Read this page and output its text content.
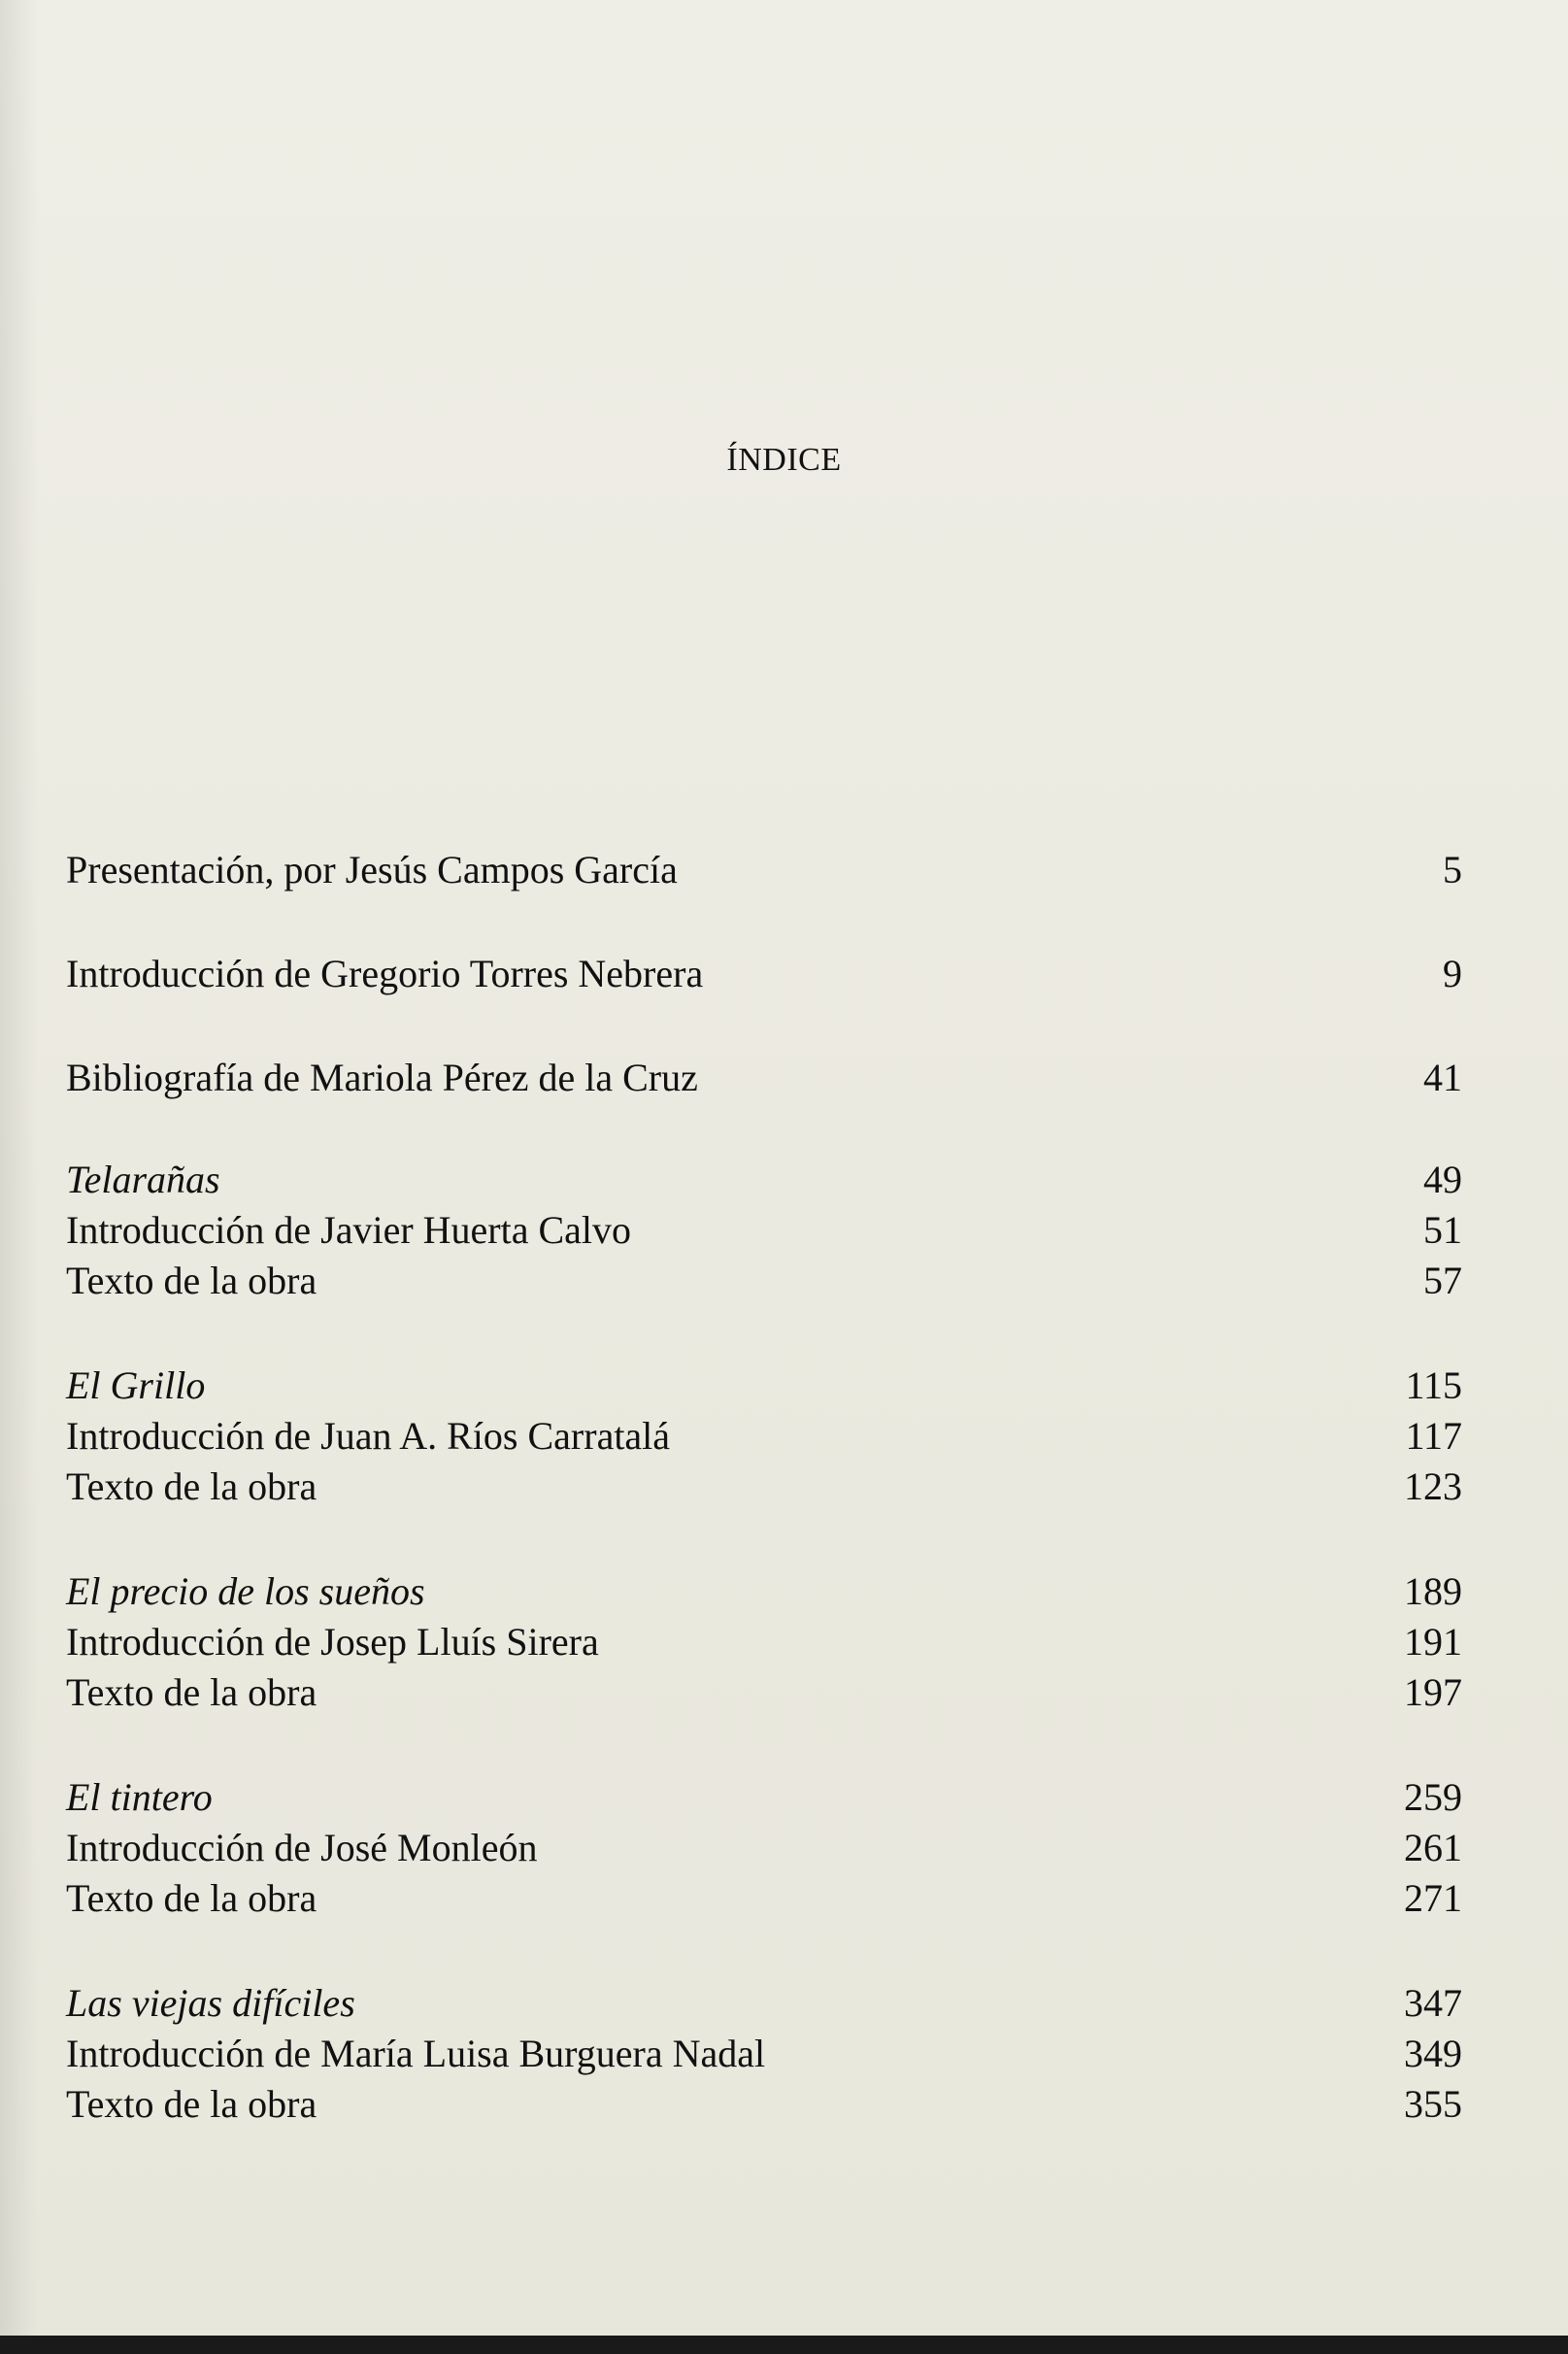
ÍNDICE
Presentación, por Jesús Campos García	5
Introducción de Gregorio Torres Nebrera	9
Bibliografía de Mariola Pérez de la Cruz	41
Telarañas	49
Introducción de Javier Huerta Calvo	51
Texto de la obra	57
El Grillo	115
Introducción de Juan A. Ríos Carratalá	117
Texto de la obra	123
El precio de los sueños	189
Introducción de Josep Lluís Sirera	191
Texto de la obra	197
El tintero	259
Introducción de José Monleón	261
Texto de la obra	271
Las viejas difíciles	347
Introducción de María Luisa Burguera Nadal	349
Texto de la obra	355
